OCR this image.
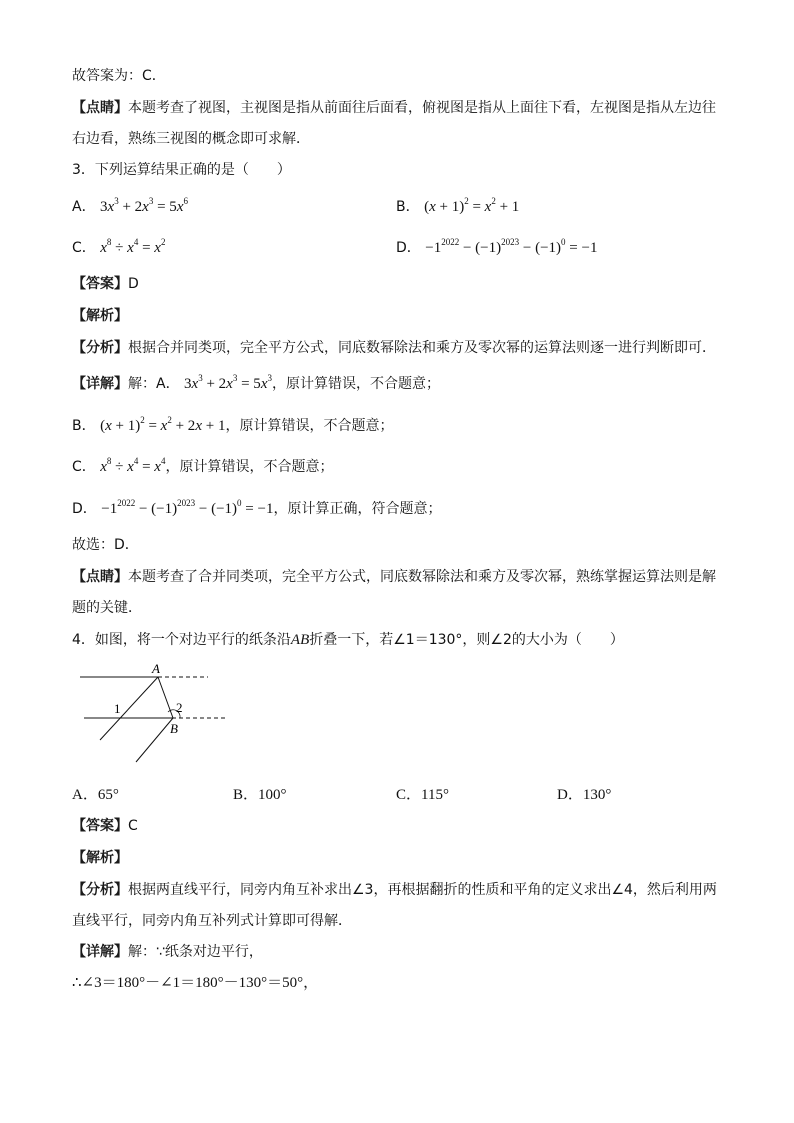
故答案为：C．
【点睛】本题考查了视图，主视图是指从前面往后面看，俯视图是指从上面往下看，左视图是指从左边往
右边看，熟练三视图的概念即可求解．
3．下列运算结果正确的是（　　）
A． $3x^3 + 2x^3 = 5x^6$	B． $(x + 1)^2 = x^2 + 1$
C． $x^8 \div x^4 = x^2$	D． $-1^{2022} - (-1)^{2023} - (-1)^0 = -1$
【答案】D
【解析】
【分析】根据合并同类项，完全平方公式，同底数幂除法和乘方及零次幂的运算法则逐一进行判断即可．
【详解】解：A． $3x^3 + 2x^3 = 5x^3$，原计算错误，不合题意；
B． $(x + 1)^2 = x^2 + 2x + 1$，原计算错误，不合题意；
C． $x^8 \div x^4 = x^4$，原计算错误，不合题意；
D． $-1^{2022} - (-1)^{2023} - (-1)^0 = -1$，原计算正确，符合题意；
故选：D．
【点睛】本题考查了合并同类项，完全平方公式，同底数幂除法和乘方及零次幂，熟练掌握运算法则是解
题的关键．
4．如图，将一个对边平行的纸条沿AB折叠一下，若∠1＝130°，则∠2的大小为（　　）
A
1	2
B
A．65°	B．100°	C．115°	D．130°
【答案】C
【解析】
【分析】根据两直线平行，同旁内角互补求出∠3，再根据翻折的性质和平角的定义求出∠4，然后利用两
直线平行，同旁内角互补列式计算即可得解．
【详解】解：∵纸条对边平行，
∴∠3＝180°－∠1＝180°－130°＝50°，
